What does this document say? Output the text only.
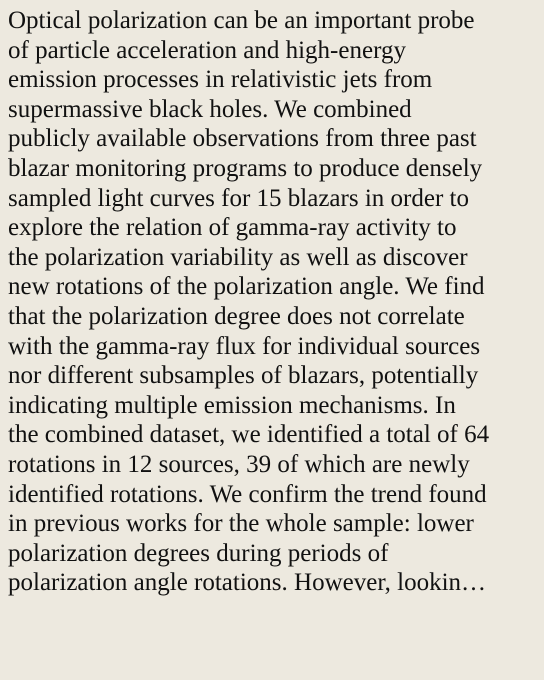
Optical polarization can be an important probe
of particle acceleration and high-energy
emission processes in relativistic jets from
supermassive black holes. We combined
publicly available observations from three past
blazar monitoring programs to produce densely
sampled light curves for 15 blazars in order to
explore the relation of gamma-ray activity to
the polarization variability as well as discover
new rotations of the polarization angle. We find
that the polarization degree does not correlate
with the gamma-ray flux for individual sources
nor different subsamples of blazars, potentially
indicating multiple emission mechanisms. In
the combined dataset, we identified a total of 64
rotations in 12 sources, 39 of which are newly
identified rotations. We confirm the trend found
in previous works for the whole sample: lower
polarization degrees during periods of
polarization angle rotations. However, lookin…
